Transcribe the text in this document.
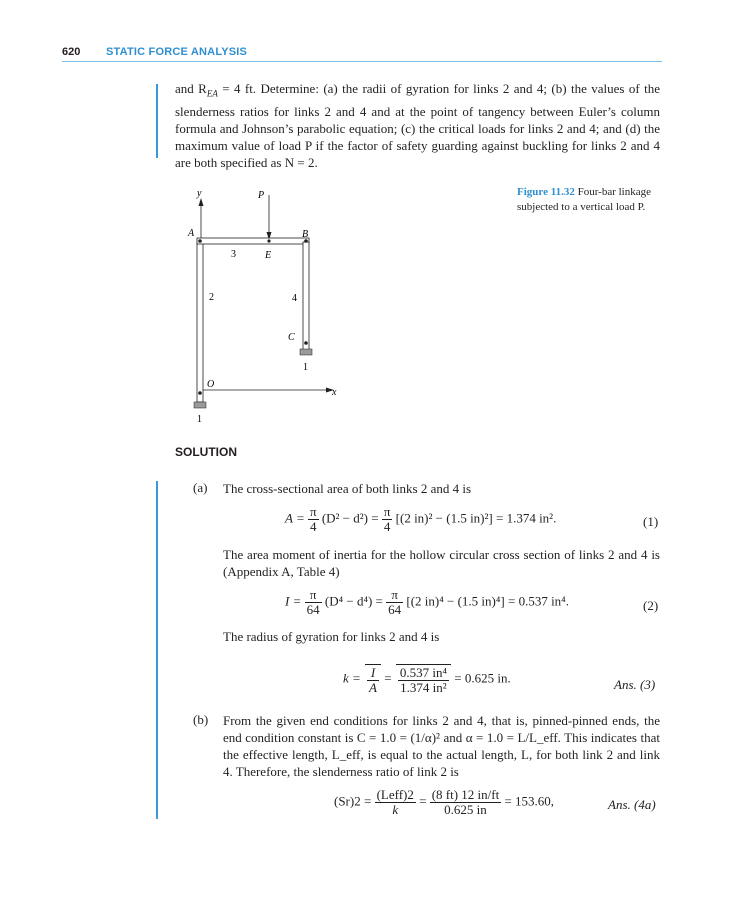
620 STATIC FORCE ANALYSIS
and $R_{EA} = 4$ ft. Determine: (a) the radii of gyration for links 2 and 4; (b) the values of the slenderness ratios for links 2 and 4 and at the point of tangency between Euler’s column formula and Johnson’s parabolic equation; (c) the critical loads for links 2 and 4; and (d) the maximum value of load P if the factor of safety guarding against buckling for links 2 and 4 are both specified as N = 2.
y
x
P
A	B
3	E
2	4
C
1
O
1
Figure 11.32 Four-bar linkage subjected to a vertical load P.
SOLUTION
(a) The cross-sectional area of both links 2 and 4 is
$A = \frac{\pi}{4} (D^2 - d^2) = \frac{\pi}{4} [(2$ in)² − (1.5 in)²] = 1.374 in².	(1)
The area moment of inertia for the hollow circular cross section of links 2 and 4 is (Appendix A, Table 4)
$I = \frac{\pi}{64} (D^4 - d^4) = \frac{\pi}{64} [(2$ in)⁴ − (1.5 in)⁴] = 0.537 in⁴.	(2)
The radius of gyration for links 2 and 4 is
$k = \frac{I}{A} = \frac{\text{0.537 in⁴}}{\text{1.374 in²}} = 0.625$ in.	Ans. (3)
(b) From the given end conditions for links 2 and 4, that is, pinned-pinned ends, the end condition constant is C = 1.0 = (1/α)² and α = 1.0 = L/L_eff. This indicates that the effective length, L_eff, is equal to the actual length, L, for both link 2 and link 4. Therefore, the slenderness ratio of link 2 is
$(Sr)2 = \frac{\text{(Leff)2}}{k} = \frac{(8 ft) 12 in/ft}{0.625 in} = 153.60$,	Ans. (4a)
